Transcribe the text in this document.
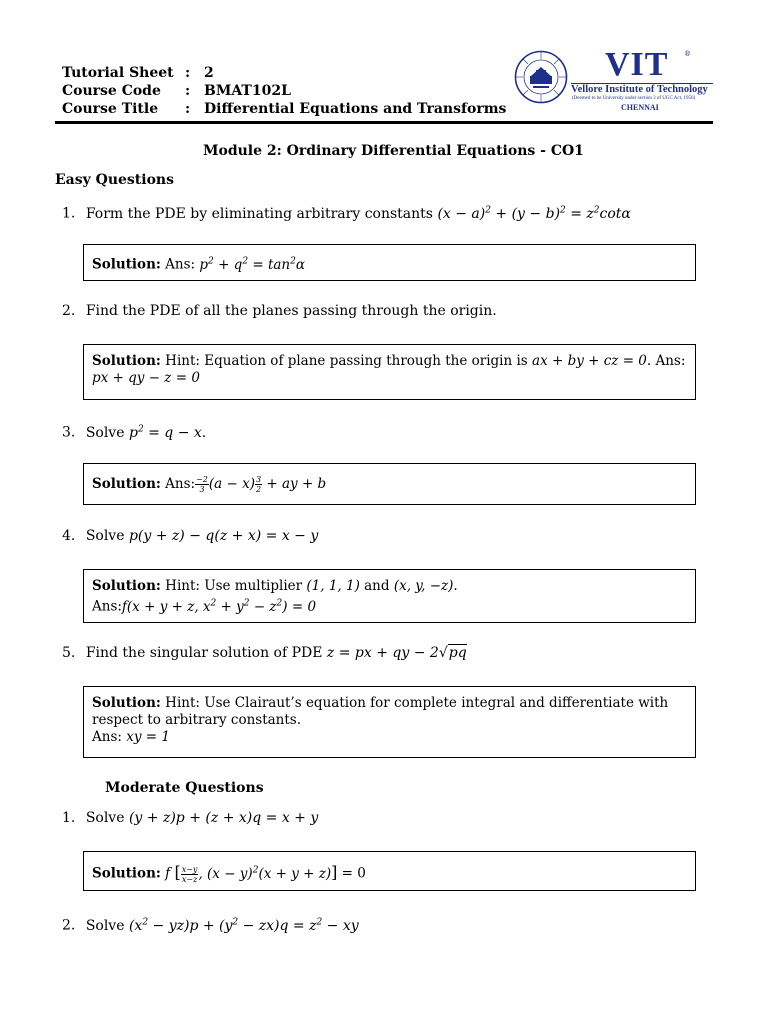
Tutorial Sheet
Course Code
Course Title
:
:
:
2
BMAT102L
Differential Equations and Transforms
VIT ®
Vellore Institute of Technology
(Deemed to be University under section 3 of UGC Act, 1956)
CHENNAI
Module 2: Ordinary Differential Equations - CO1
Easy Questions
1. Form the PDE by eliminating arbitrary constants $(x - a)^2 + (y - b)^2 = z^2\cot\alpha$
Solution: Ans: $p^2 + q^2 = \tan^2\alpha$
2. Find the PDE of all the planes passing through the origin.
Solution: Hint: Equation of plane passing through the origin is ax + by + cz = 0. Ans:
px + qy − z = 0
3. Solve $p^2 = q - x$.
Solution: Ans: $\frac{-2}{3} (a - x) \frac{3}{2}$ + ay + b
4. Solve p(y + z) − q(z + x) = x − y
Solution: Hint: Use multiplier (1, 1, 1) and (x, y, −z).
Ans:f(x + y + z, $x^2 + y^2 - z^2) = 0$
5. Find the singular solution of PDE z = px + qy − 2√pq
Solution: Hint: Use Clairaut’s equation for complete integral and differentiate with respect to arbitrary constants.
Ans: xy = 1
Moderate Questions
1. Solve (y + z)p + (z + x)q = x + y
Solution: f [ $\frac{x-y}{x-z}$ , $(x - y)^2(x + y + z)] = 0$
2. Solve $(x^2 - yz)p + (y^2 - zx)q = z^2$ − xy
